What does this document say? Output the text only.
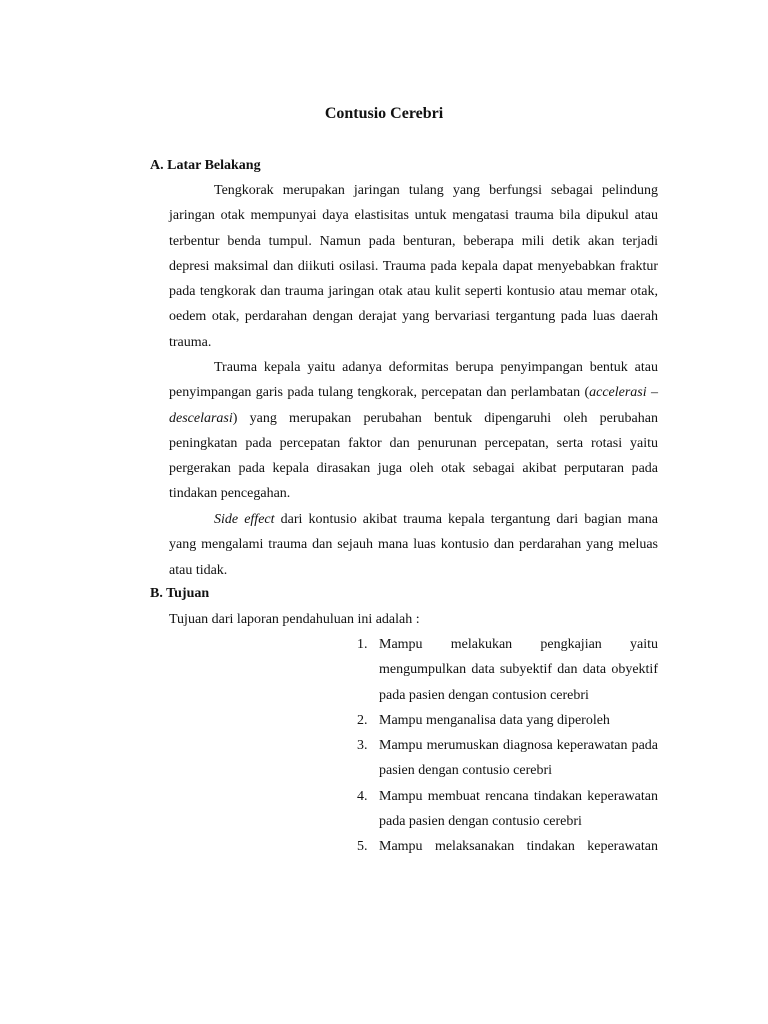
Contusio Cerebri
A. Latar Belakang

Tengkorak merupakan jaringan tulang yang berfungsi sebagai pelindung jaringan otak mempunyai daya elastisitas untuk mengatasi trauma bila dipukul atau terbentur benda tumpul. Namun pada benturan, beberapa mili detik akan terjadi depresi maksimal dan diikuti osilasi. Trauma pada kepala dapat menyebabkan fraktur pada tengkorak dan trauma jaringan otak atau kulit seperti kontusio atau memar otak, oedem otak, perdarahan dengan derajat yang bervariasi tergantung pada luas daerah trauma.

Trauma kepala yaitu adanya deformitas berupa penyimpangan bentuk atau penyimpangan garis pada tulang tengkorak, percepatan dan perlambatan (accelerasi – descelarasi) yang merupakan perubahan bentuk dipengaruhi oleh perubahan peningkatan pada percepatan faktor dan penurunan percepatan, serta rotasi yaitu pergerakan pada kepala dirasakan juga oleh otak sebagai akibat perputaran pada tindakan pencegahan.

Side effect dari kontusio akibat trauma kepala tergantung dari bagian mana yang mengalami trauma dan sejauh mana luas kontusio dan perdarahan yang meluas atau tidak.

B. Tujuan
Tujuan dari laporan pendahuluan ini adalah :
1. Mampu melakukan pengkajian yaitu mengumpulkan data subyektif dan data obyektif pada pasien dengan contusion cerebri
2. Mampu menganalisa data yang diperoleh
3. Mampu merumuskan diagnosa keperawatan pada pasien dengan contusio cerebri
4. Mampu membuat rencana tindakan keperawatan pada pasien dengan contusio cerebri
5. Mampu melaksanakan tindakan keperawatan
